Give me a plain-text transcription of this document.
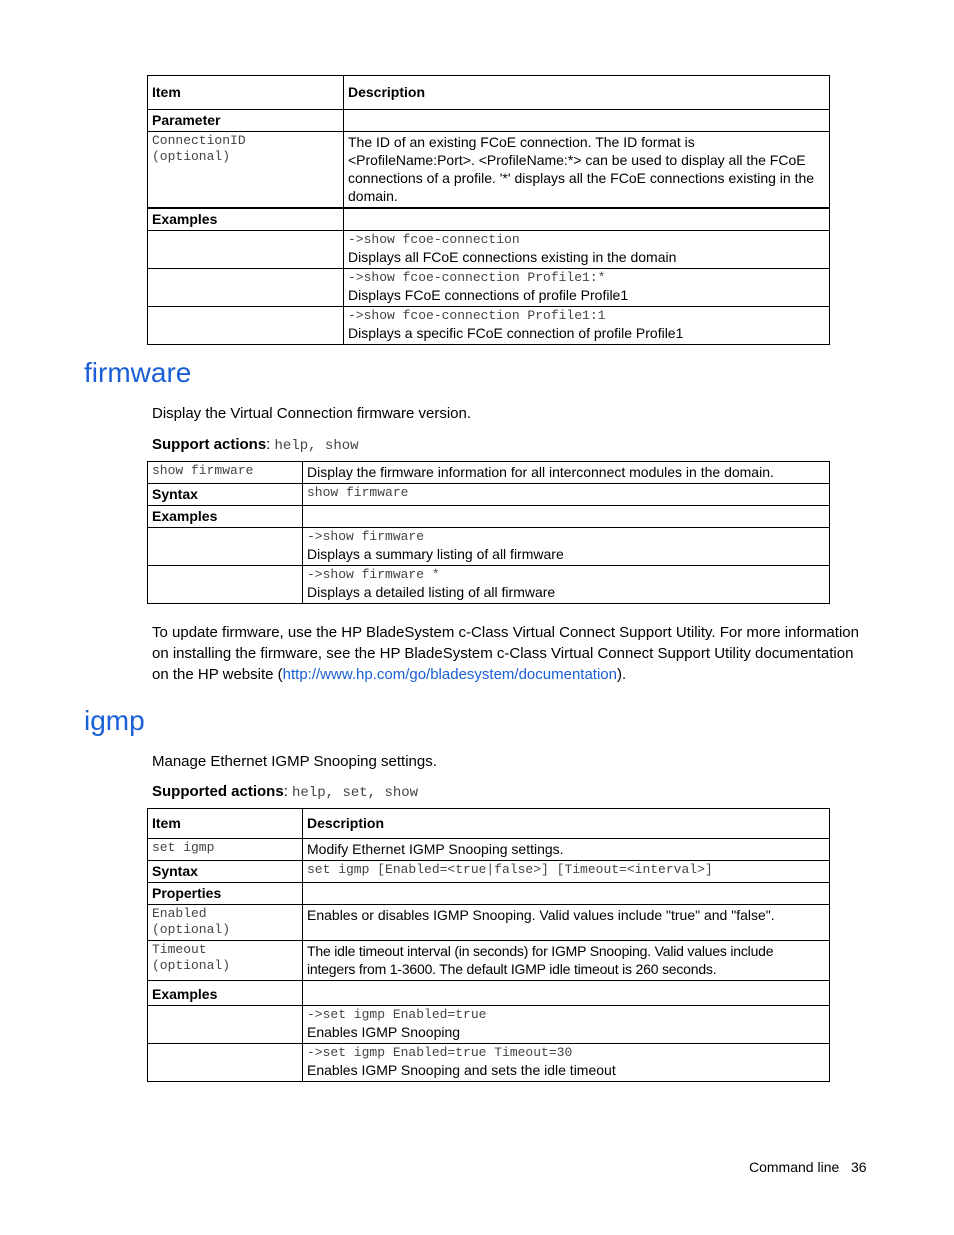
Item	Description
Parameter	

ConnectionID
(optional)	The ID of an existing FCoE connection. The ID format is <ProfileName:Port>. <ProfileName:*> can be used to display all the FCoE connections of a profile. '*' displays all the FCoE connections existing in the domain.
Examples	

	->show fcoe-connection
Displays all FCoE connections existing in the domain

	->show fcoe-connection Profile1:*
Displays FCoE connections of profile Profile1

	->show fcoe-connection Profile1:1
Displays a specific FCoE connection of profile Profile1
firmware
Display the Virtual Connection firmware version.
Support actions: help, show
show firmware	Display the firmware information for all interconnect modules in the domain.
Syntax	show firmware

Examples	

	->show firmware
Displays a summary listing of all firmware

	->show firmware *
Displays a detailed listing of all firmware
To update firmware, use the HP BladeSystem c-Class Virtual Connect Support Utility. For more information on installing the firmware, see the HP BladeSystem c-Class Virtual Connect Support Utility documentation on the HP website (http://www.hp.com/go/bladesystem/documentation).
igmp
Manage Ethernet IGMP Snooping settings.
Supported actions: help, set, show
Item	Description

set igmp	Modify Ethernet IGMP Snooping settings.
Syntax	set igmp [Enabled=<true|false>] [Timeout=<interval>]

Properties	

Enabled
(optional)	Enables or disables IGMP Snooping. Valid values include "true" and "false".

Timeout
(optional)	The idle timeout interval (in seconds) for IGMP Snooping. Valid values include integers from 1-3600. The default IGMP idle timeout is 260 seconds.
Examples	

	->set igmp Enabled=true
Enables IGMP Snooping

	->set igmp Enabled=true Timeout=30
Enables IGMP Snooping and sets the idle timeout
Command line 36
